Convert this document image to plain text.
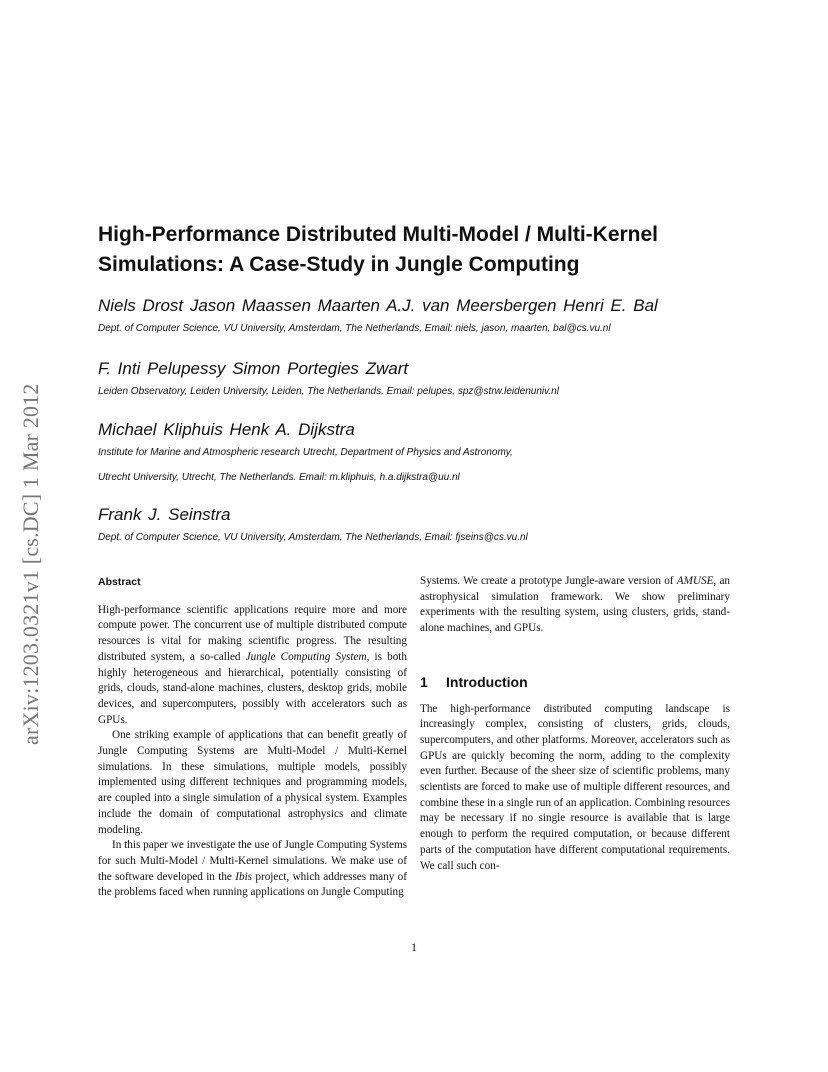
arXiv:1203.0321v1 [cs.DC] 1 Mar 2012
High-Performance Distributed Multi-Model / Multi-Kernel
Simulations: A Case-Study in Jungle Computing
Niels Drost Jason Maassen Maarten A.J. van Meersbergen Henri E. Bal
Dept. of Computer Science, VU University, Amsterdam, The Netherlands, Email: niels, jason, maarten, bal@cs.vu.nl
F. Inti Pelupessy Simon Portegies Zwart
Leiden Observatory, Leiden University, Leiden, The Netherlands. Email: pelupes, spz@strw.leidenuniv.nl
Michael Kliphuis Henk A. Dijkstra
Institute for Marine and Atmospheric research Utrecht, Department of Physics and Astronomy,
Utrecht University, Utrecht, The Netherlands. Email: m.kliphuis, h.a.dijkstra@uu.nl
Frank J. Seinstra
Dept. of Computer Science, VU University, Amsterdam, The Netherlands, Email: fjseins@cs.vu.nl
Abstract

High-performance scientific applications require more and more compute power. The concurrent use of multiple distributed compute resources is vital for making scientific progress. The resulting distributed system, a so-called Jungle Computing System, is both highly heterogeneous and hierarchical, potentially consisting of grids, clouds, stand-alone machines, clusters, desktop grids, mobile devices, and supercomputers, possibly with accelerators such as GPUs.

One striking example of applications that can benefit greatly of Jungle Computing Systems are Multi-Model / Multi-Kernel simulations. In these simulations, multiple models, possibly implemented using different techniques and programming models, are coupled into a single simulation of a physical system. Examples include the domain of computational astrophysics and climate modeling.

In this paper we investigate the use of Jungle Computing Systems for such Multi-Model / Multi-Kernel simulations. We make use of the software developed in the Ibis project, which addresses many of the problems faced when running applications on Jungle Computing

Systems. We create a prototype Jungle-aware version of AMUSE, an astrophysical simulation framework. We show preliminary experiments with the resulting system, using clusters, grids, stand-alone machines, and GPUs.

1 Introduction

The high-performance distributed computing landscape is increasingly complex, consisting of clusters, grids, clouds, supercomputers, and other platforms. Moreover, accelerators such as GPUs are quickly becoming the norm, adding to the complexity even further. Because of the sheer size of scientific problems, many scientists are forced to make use of multiple different resources, and combine these in a single run of an application. Combining resources may be necessary if no single resource is available that is large enough to perform the required computation, or because different parts of the computation have different computational requirements. We call such con-

1
